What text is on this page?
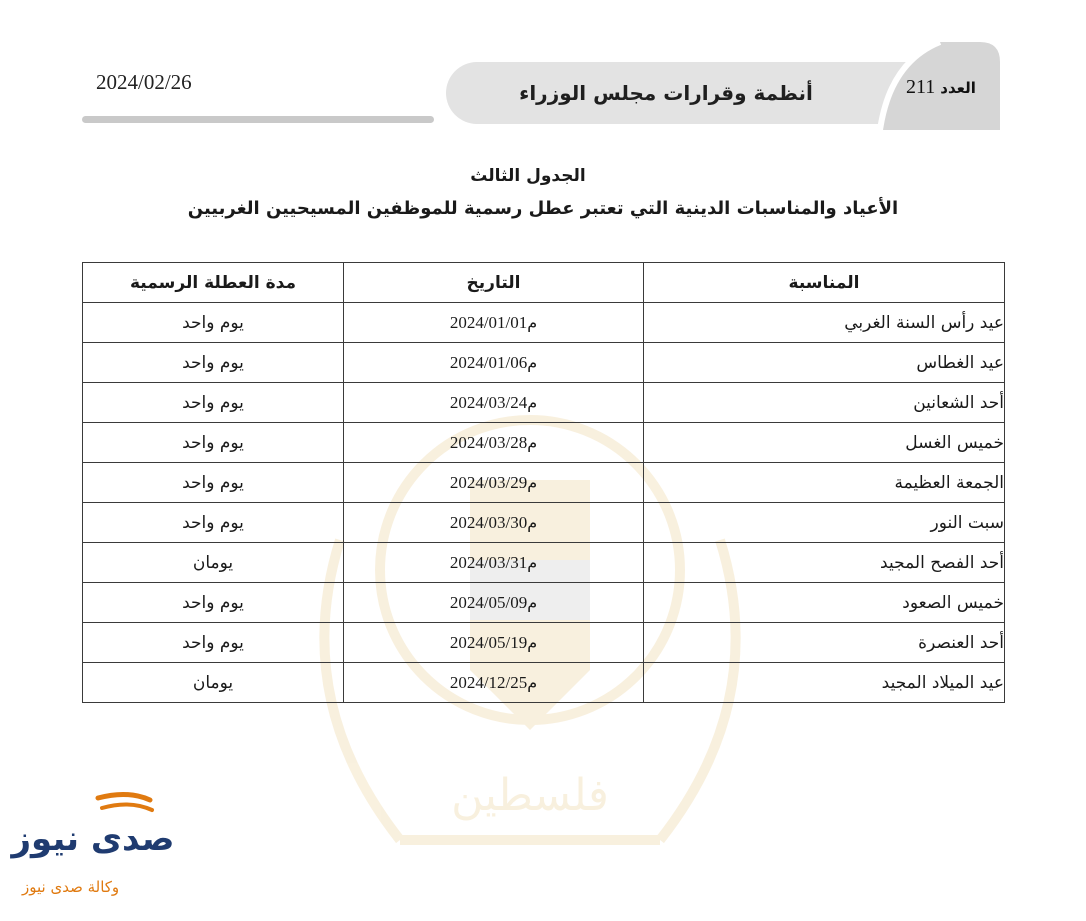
فلسطين
2024/02/26	أنظمة وقرارات مجلس الوزراء	العدد 211
الجدول الثالث
الأعياد والمناسبات الدينية التي تعتبر عطل رسمية للموظفين المسيحيين الغربيين
المناسبة	التاريخ	مدة العطلة الرسمية
عيد رأس السنة الغربي	2024/01/01م	يوم واحد
عيد الغطاس	2024/01/06م	يوم واحد
أحد الشعانين	2024/03/24م	يوم واحد
خميس الغسل	2024/03/28م	يوم واحد
الجمعة العظيمة	2024/03/29م	يوم واحد
سبت النور	2024/03/30م	يوم واحد
أحد الفصح المجيد	2024/03/31م	يومان
خميس الصعود	2024/05/09م	يوم واحد
أحد العنصرة	2024/05/19م	يوم واحد
عيد الميلاد المجيد	2024/12/25م	يومان
صدى نيوز
وكالة صدى نيوز
